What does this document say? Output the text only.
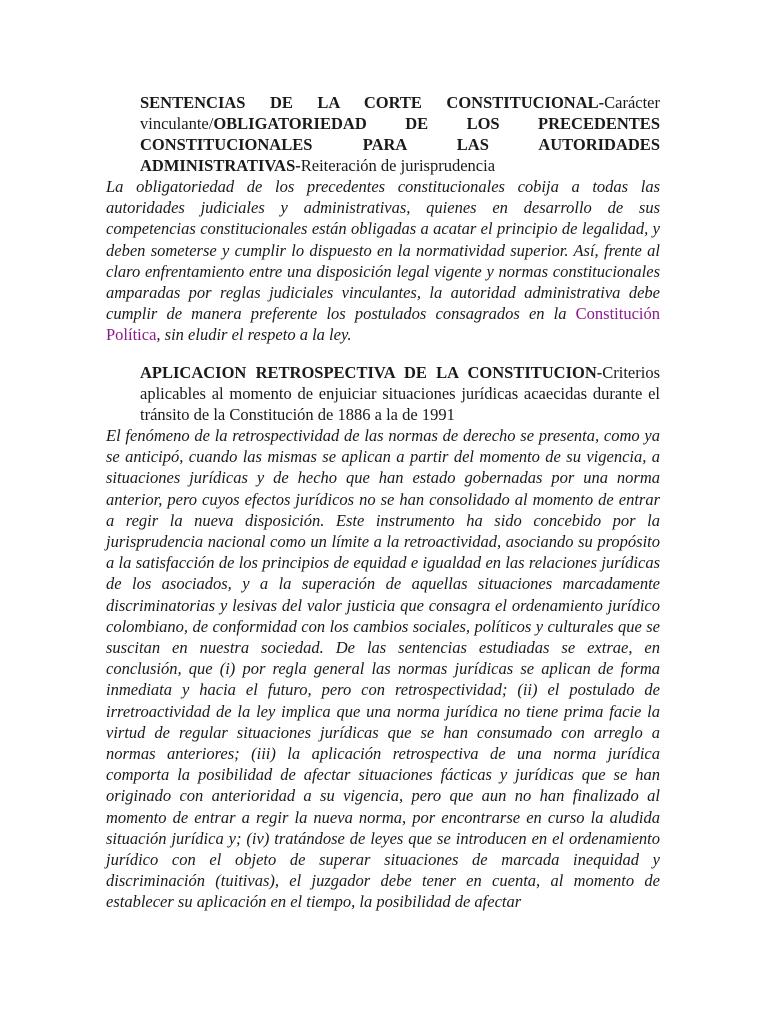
SENTENCIAS DE LA CORTE CONSTITUCIONAL-Carácter vinculante/OBLIGATORIEDAD DE LOS PRECEDENTES CONSTITUCIONALES PARA LAS AUTORIDADES ADMINISTRATIVAS-Reiteración de jurisprudencia
La obligatoriedad de los precedentes constitucionales cobija a todas las autoridades judiciales y administrativas, quienes en desarrollo de sus competencias constitucionales están obligadas a acatar el principio de legalidad, y deben someterse y cumplir lo dispuesto en la normatividad superior. Así, frente al claro enfrentamiento entre una disposición legal vigente y normas constitucionales amparadas por reglas judiciales vinculantes, la autoridad administrativa debe cumplir de manera preferente los postulados consagrados en la Constitución Política, sin eludir el respeto a la ley.
APLICACION RETROSPECTIVA DE LA CONSTITUCION-Criterios aplicables al momento de enjuiciar situaciones jurídicas acaecidas durante el tránsito de la Constitución de 1886 a la de 1991
El fenómeno de la retrospectividad de las normas de derecho se presenta, como ya se anticipó, cuando las mismas se aplican a partir del momento de su vigencia, a situaciones jurídicas y de hecho que han estado gobernadas por una norma anterior, pero cuyos efectos jurídicos no se han consolidado al momento de entrar a regir la nueva disposición. Este instrumento ha sido concebido por la jurisprudencia nacional como un límite a la retroactividad, asociando su propósito a la satisfacción de los principios de equidad e igualdad en las relaciones jurídicas de los asociados, y a la superación de aquellas situaciones marcadamente discriminatorias y lesivas del valor justicia que consagra el ordenamiento jurídico colombiano, de conformidad con los cambios sociales, políticos y culturales que se suscitan en nuestra sociedad. De las sentencias estudiadas se extrae, en conclusión, que (i) por regla general las normas jurídicas se aplican de forma inmediata y hacia el futuro, pero con retrospectividad; (ii) el postulado de irretroactividad de la ley implica que una norma jurídica no tiene prima facie la virtud de regular situaciones jurídicas que se han consumado con arreglo a normas anteriores; (iii) la aplicación retrospectiva de una norma jurídica comporta la posibilidad de afectar situaciones fácticas y jurídicas que se han originado con anterioridad a su vigencia, pero que aun no han finalizado al momento de entrar a regir la nueva norma, por encontrarse en curso la aludida situación jurídica y; (iv) tratándose de leyes que se introducen en el ordenamiento jurídico con el objeto de superar situaciones de marcada inequidad y discriminación (tuitivas), el juzgador debe tener en cuenta, al momento de establecer su aplicación en el tiempo, la posibilidad de afectar
